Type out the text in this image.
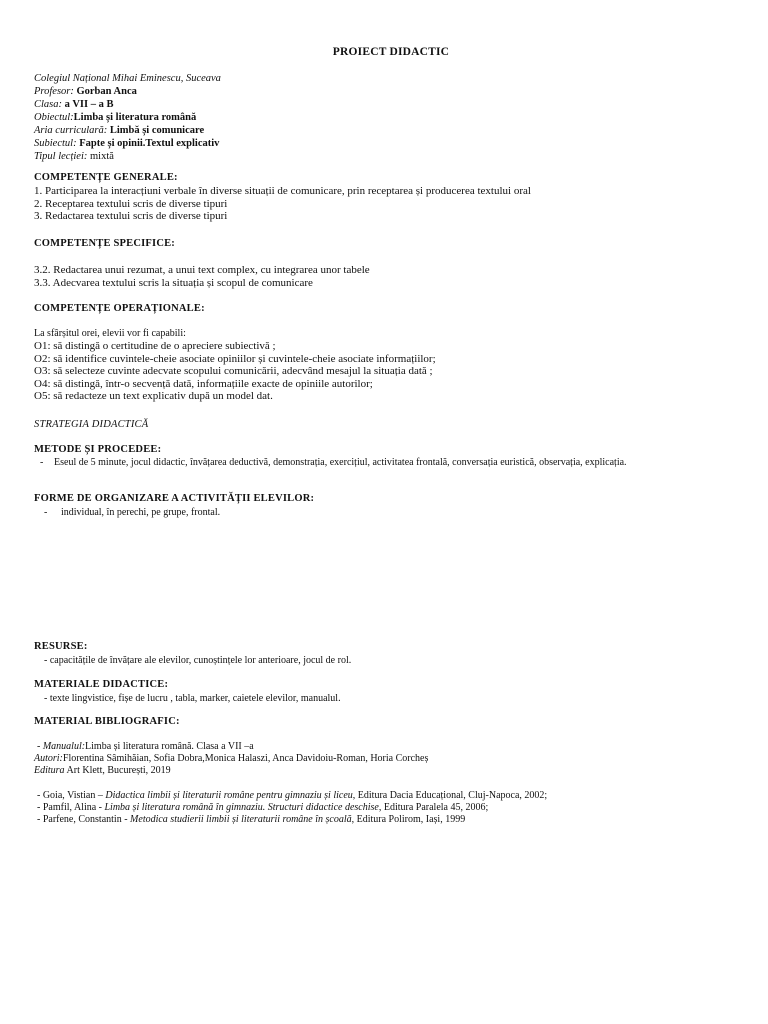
PROIECT DIDACTIC
Colegiul Național Mihai Eminescu, Suceava
Profesor: Gorban Anca
Clasa: a VII – a B
Obiectul:Limba și literatura română
Aria curriculară: Limbă și comunicare
Subiectul: Fapte și opinii.Textul explicativ
Tipul lecției: mixtă
COMPETENȚE GENERALE:
1. Participarea la interacțiuni verbale în diverse situații de comunicare, prin receptarea și producerea textului oral
2. Receptarea textului scris de diverse tipuri
3. Redactarea textului scris de diverse tipuri
COMPETENȚE SPECIFICE:
3.2. Redactarea unui rezumat, a unui text complex, cu integrarea unor tabele
3.3. Adecvarea textului scris la situația și scopul de comunicare
COMPETENȚE OPERAȚIONALE:
La sfârșitul orei, elevii vor fi capabili:
O1: să distingă o certitudine de o apreciere subiectivă ;
O2: să identifice cuvintele-cheie asociate opiniilor și cuvintele-cheie asociate informațiilor;
O3: să selecteze cuvinte adecvate scopului comunicării, adecvând mesajul la situația dată ;
O4: să distingă, într-o secvență dată, informațiile exacte de opiniile autorilor;
O5: să redacteze un text explicativ după un model dat.
STRATEGIA DIDACTICĂ
METODE ȘI PROCEDEE:
- Eseul de 5 minute, jocul didactic, învățarea deductivă, demonstrația, exercițiul, activitatea frontală, conversația euristică, observația, explicația.
FORME DE ORGANIZARE A ACTIVITĂȚII ELEVILOR:
- individual, în perechi, pe grupe, frontal.
RESURSE:
- capacitățile de învățare ale elevilor, cunoștințele lor anterioare, jocul de rol.
MATERIALE DIDACTICE:
- texte lingvistice, fișe de lucru , tabla, marker, caietele elevilor, manualul.
MATERIAL BIBLIOGRAFIC:
- Manualul:Limba și literatura română. Clasa a VII –a
Autori:Florentina Sâmihăian, Sofia Dobra,Monica Halaszi, Anca Davidoiu-Roman, Horia Corcheș
Editura Art Klett, București, 2019
- Goia, Vistian – Didactica limbii și literaturii române pentru gimnaziu și liceu, Editura Dacia Educațional, Cluj-Napoca, 2002;
- Pamfil, Alina - Limba și literatura română în gimnaziu. Structuri didactice deschise, Editura Paralela 45, 2006;
- Parfene, Constantin - Metodica studierii limbii și literaturii române în școală, Editura Polirom, Iași, 1999
